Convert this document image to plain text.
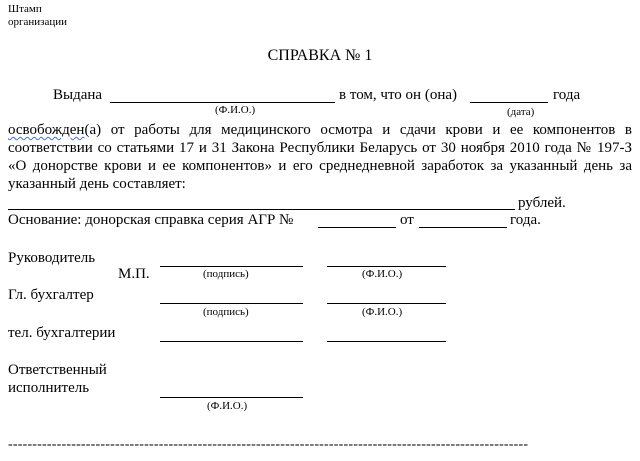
Штамп
организации
СПРАВКА № 1
Выдана	в том, что он (она)	года
(Ф.И.О.)	(дата)
освобожден(а) от работы для медицинского осмотра и сдачи крови и ее компонентов в соответствии со статьями 17 и 31 Закона Республики Беларусь от 30 ноября 2010 года № 197-З «О донорстве крови и ее компонентов» и его среднедневной заработок за указанный день за указанный день составляет:
рублей.
Основание: донорская справка серия АГР №	от	года.
Руководитель
М.П.	(подпись)	(Ф.И.О.)
Гл. бухгалтер
(подпись)	(Ф.И.О.)
тел. бухгалтерии
Ответственный
исполнитель
(Ф.И.О.)
-----------------------------------------------------------------------------------------------------------
